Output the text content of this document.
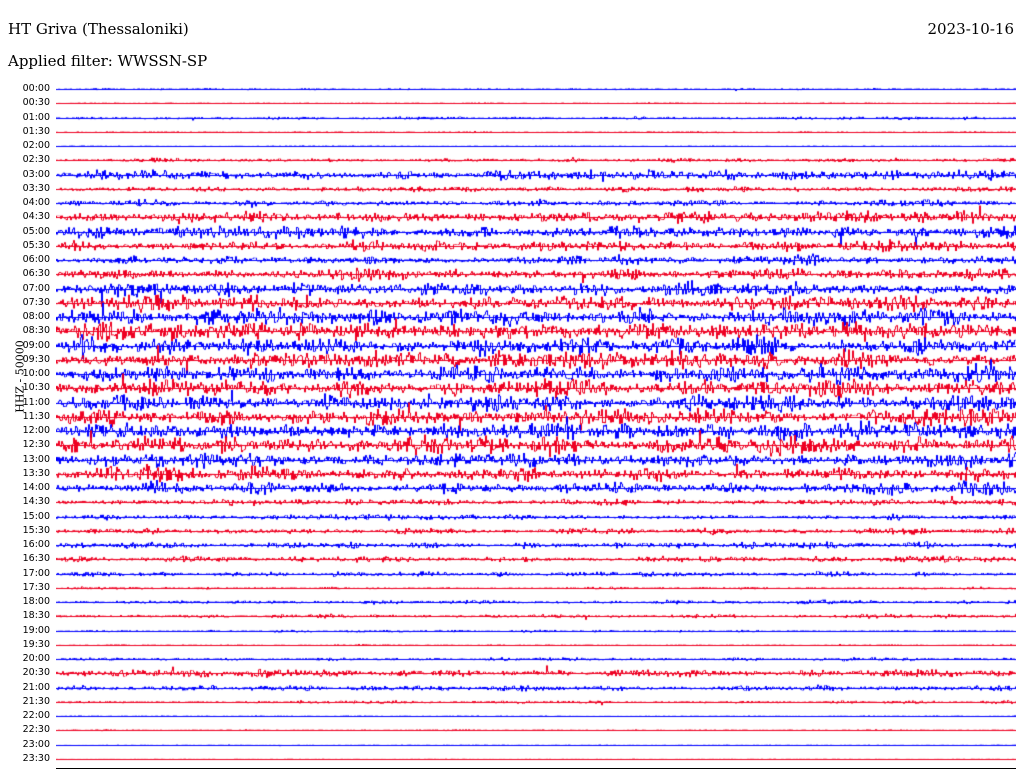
HT Griva (Thessaloniki)
Applied filter: WWSSN-SP
2023-10-16
HHZ - 50000
00:00
00:30
01:00
01:30
02:00
02:30
03:00
03:30
04:00
04:30
05:00
05:30
06:00
06:30
07:00
07:30
08:00
08:30
09:00
09:30
10:00
10:30
11:00
11:30
12:00
12:30
13:00
13:30
14:00
14:30
15:00
15:30
16:00
16:30
17:00
17:30
18:00
18:30
19:00
19:30
20:00
20:30
21:00
21:30
22:00
22:30
23:00
23:30
